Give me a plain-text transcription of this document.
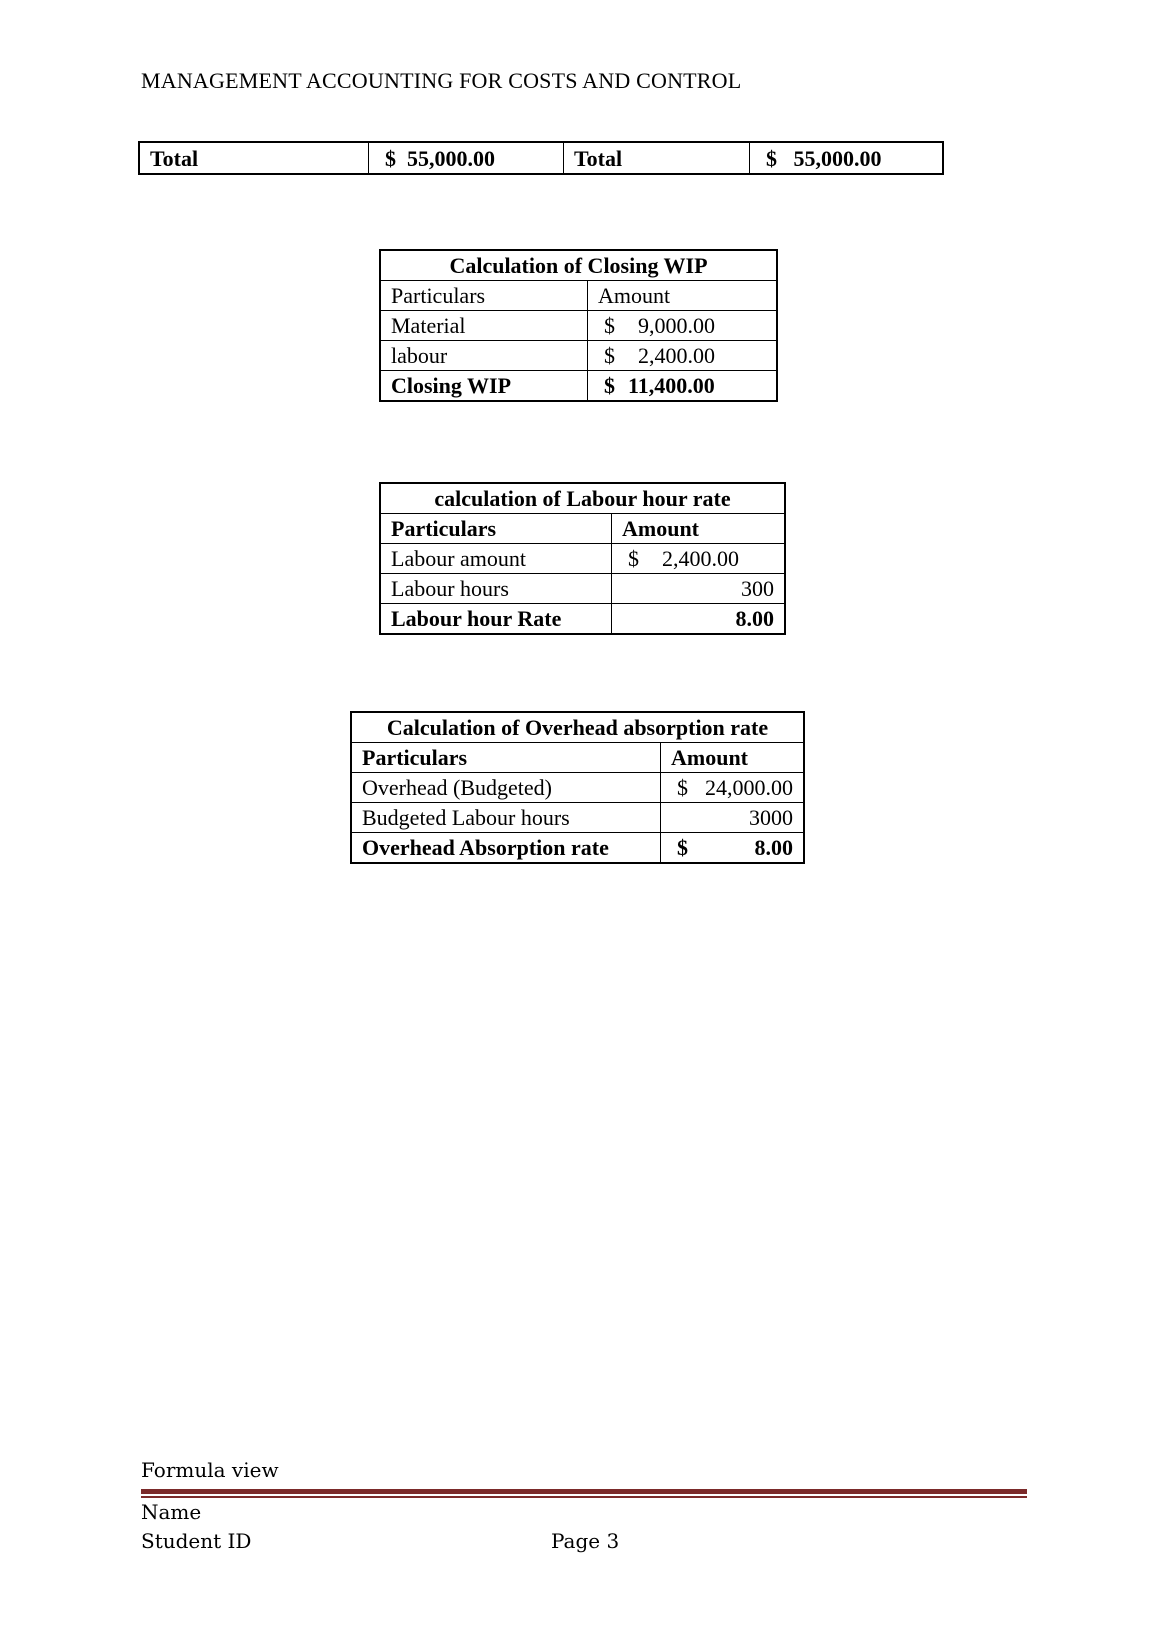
MANAGEMENT ACCOUNTING FOR COSTS AND CONTROL
Total	$ 55,000.00	Total	$ 55,000.00
Calculation of Closing WIP	
Particulars	Amount
Material	$ 9,000.00

labour	$ 2,400.00

Closing WIP	$ 11,400.00
calculation of Labour hour rate	
Particulars	Amount
Labour amount	$ 2,400.00

Labour hours	300
Labour hour Rate	8.00
Calculation of Overhead absorption rate	
Particulars	Amount
Overhead (Budgeted)	$ 24,000.00

Budgeted Labour hours	3000
Overhead Absorption rate	$ 8.00
Formula view
Name
Student ID	Page 3
